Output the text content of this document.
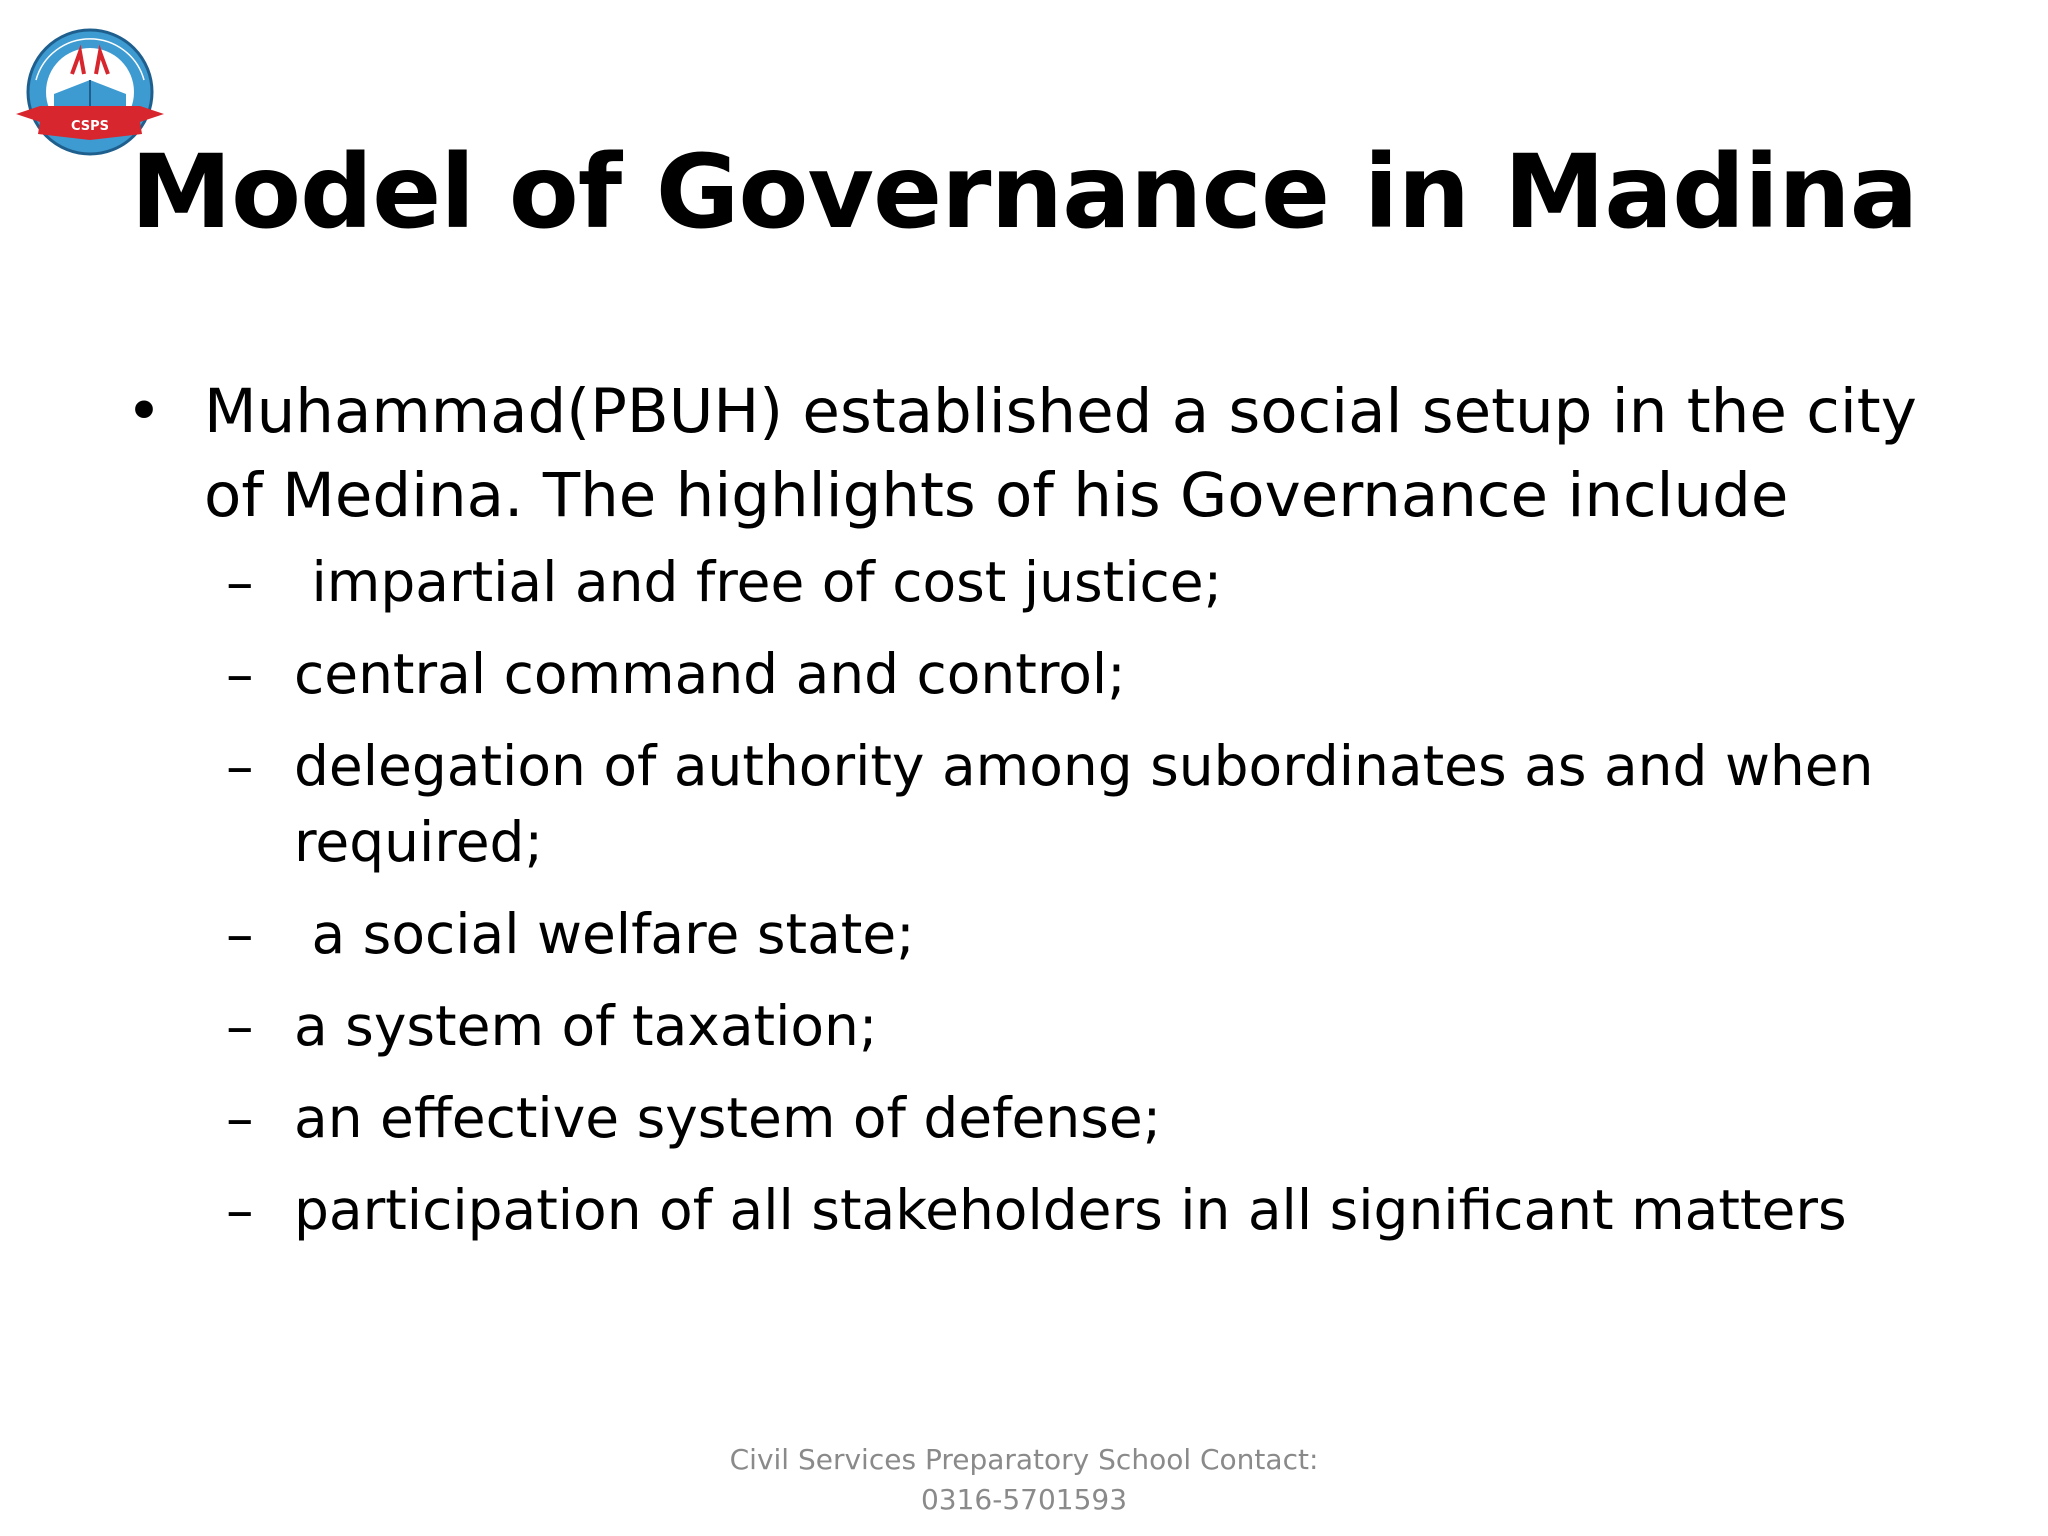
CSPS
Model of Governance in Madina
• Muhammad(PBUH) established a social setup in the city of Medina. The highlights of his Governance include
– impartial and free of cost justice;
– central command and control;
– delegation of authority among subordinates as and when required;
– a social welfare state;
– a system of taxation;
– an effective system of defense;
– participation of all stakeholders in all significant matters
Civil Services Preparatory School Contact:
0316-5701593
